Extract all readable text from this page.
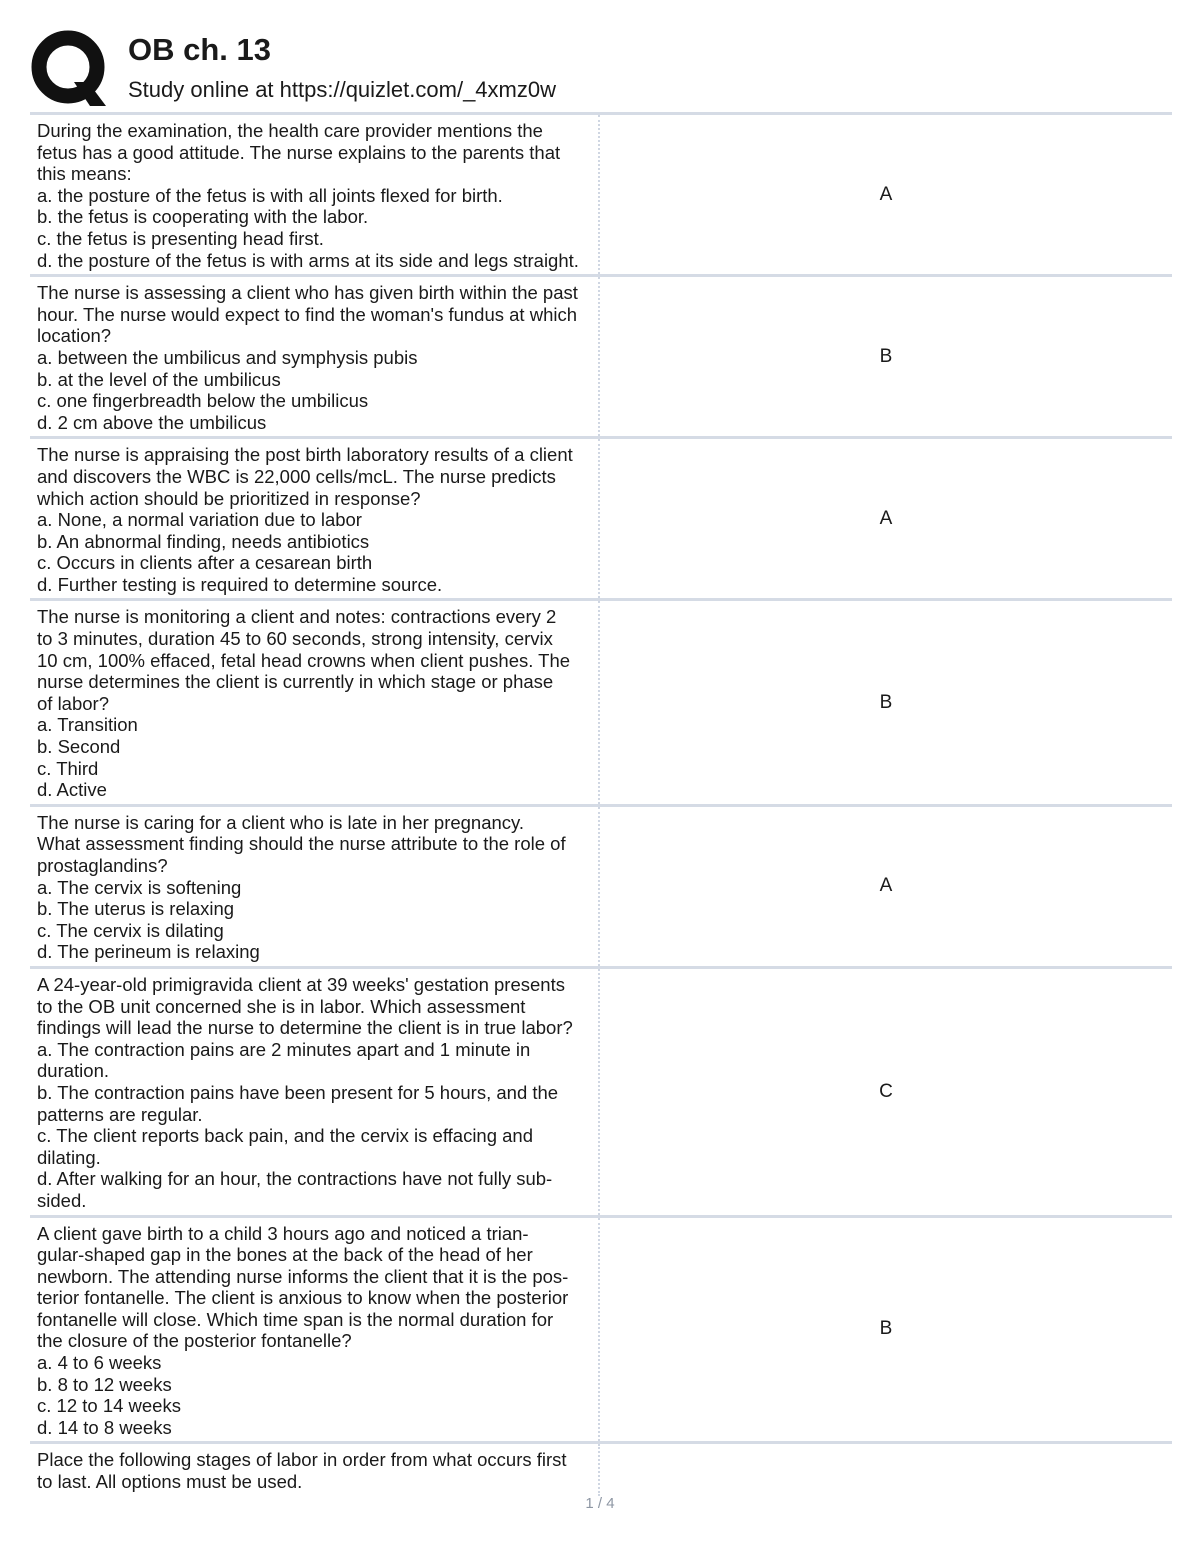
OB ch. 13
Study online at https://quizlet.com/_4xmz0w
During the examination, the health care provider mentions the
fetus has a good attitude. The nurse explains to the parents that
this means:
a. the posture of the fetus is with all joints flexed for birth.
b. the fetus is cooperating with the labor.
c. the fetus is presenting head first.
d. the posture of the fetus is with arms at its side and legs straight.
A
The nurse is assessing a client who has given birth within the past
hour. The nurse would expect to find the woman's fundus at which
location?
a. between the umbilicus and symphysis pubis
b. at the level of the umbilicus
c. one fingerbreadth below the umbilicus
d. 2 cm above the umbilicus
B
The nurse is appraising the post birth laboratory results of a client
and discovers the WBC is 22,000 cells/mcL. The nurse predicts
which action should be prioritized in response?
a. None, a normal variation due to labor
b. An abnormal finding, needs antibiotics
c. Occurs in clients after a cesarean birth
d. Further testing is required to determine source.
A
The nurse is monitoring a client and notes: contractions every 2
to 3 minutes, duration 45 to 60 seconds, strong intensity, cervix
10 cm, 100% effaced, fetal head crowns when client pushes. The
nurse determines the client is currently in which stage or phase
of labor?
a. Transition
b. Second
c. Third
d. Active
B
The nurse is caring for a client who is late in her pregnancy.
What assessment finding should the nurse attribute to the role of
prostaglandins?
a. The cervix is softening
b. The uterus is relaxing
c. The cervix is dilating
d. The perineum is relaxing
A
A 24-year-old primigravida client at 39 weeks' gestation presents
to the OB unit concerned she is in labor. Which assessment
findings will lead the nurse to determine the client is in true labor?
a. The contraction pains are 2 minutes apart and 1 minute in
duration.
b. The contraction pains have been present for 5 hours, and the
patterns are regular.
c. The client reports back pain, and the cervix is effacing and
dilating.
d. After walking for an hour, the contractions have not fully sub-
sided.
C
A client gave birth to a child 3 hours ago and noticed a trian-
gular-shaped gap in the bones at the back of the head of her
newborn. The attending nurse informs the client that it is the pos-
terior fontanelle. The client is anxious to know when the posterior
fontanelle will close. Which time span is the normal duration for
the closure of the posterior fontanelle?
a. 4 to 6 weeks
b. 8 to 12 weeks
c. 12 to 14 weeks
d. 14 to 8 weeks
B
Place the following stages of labor in order from what occurs first
to last. All options must be used.
1 / 4
